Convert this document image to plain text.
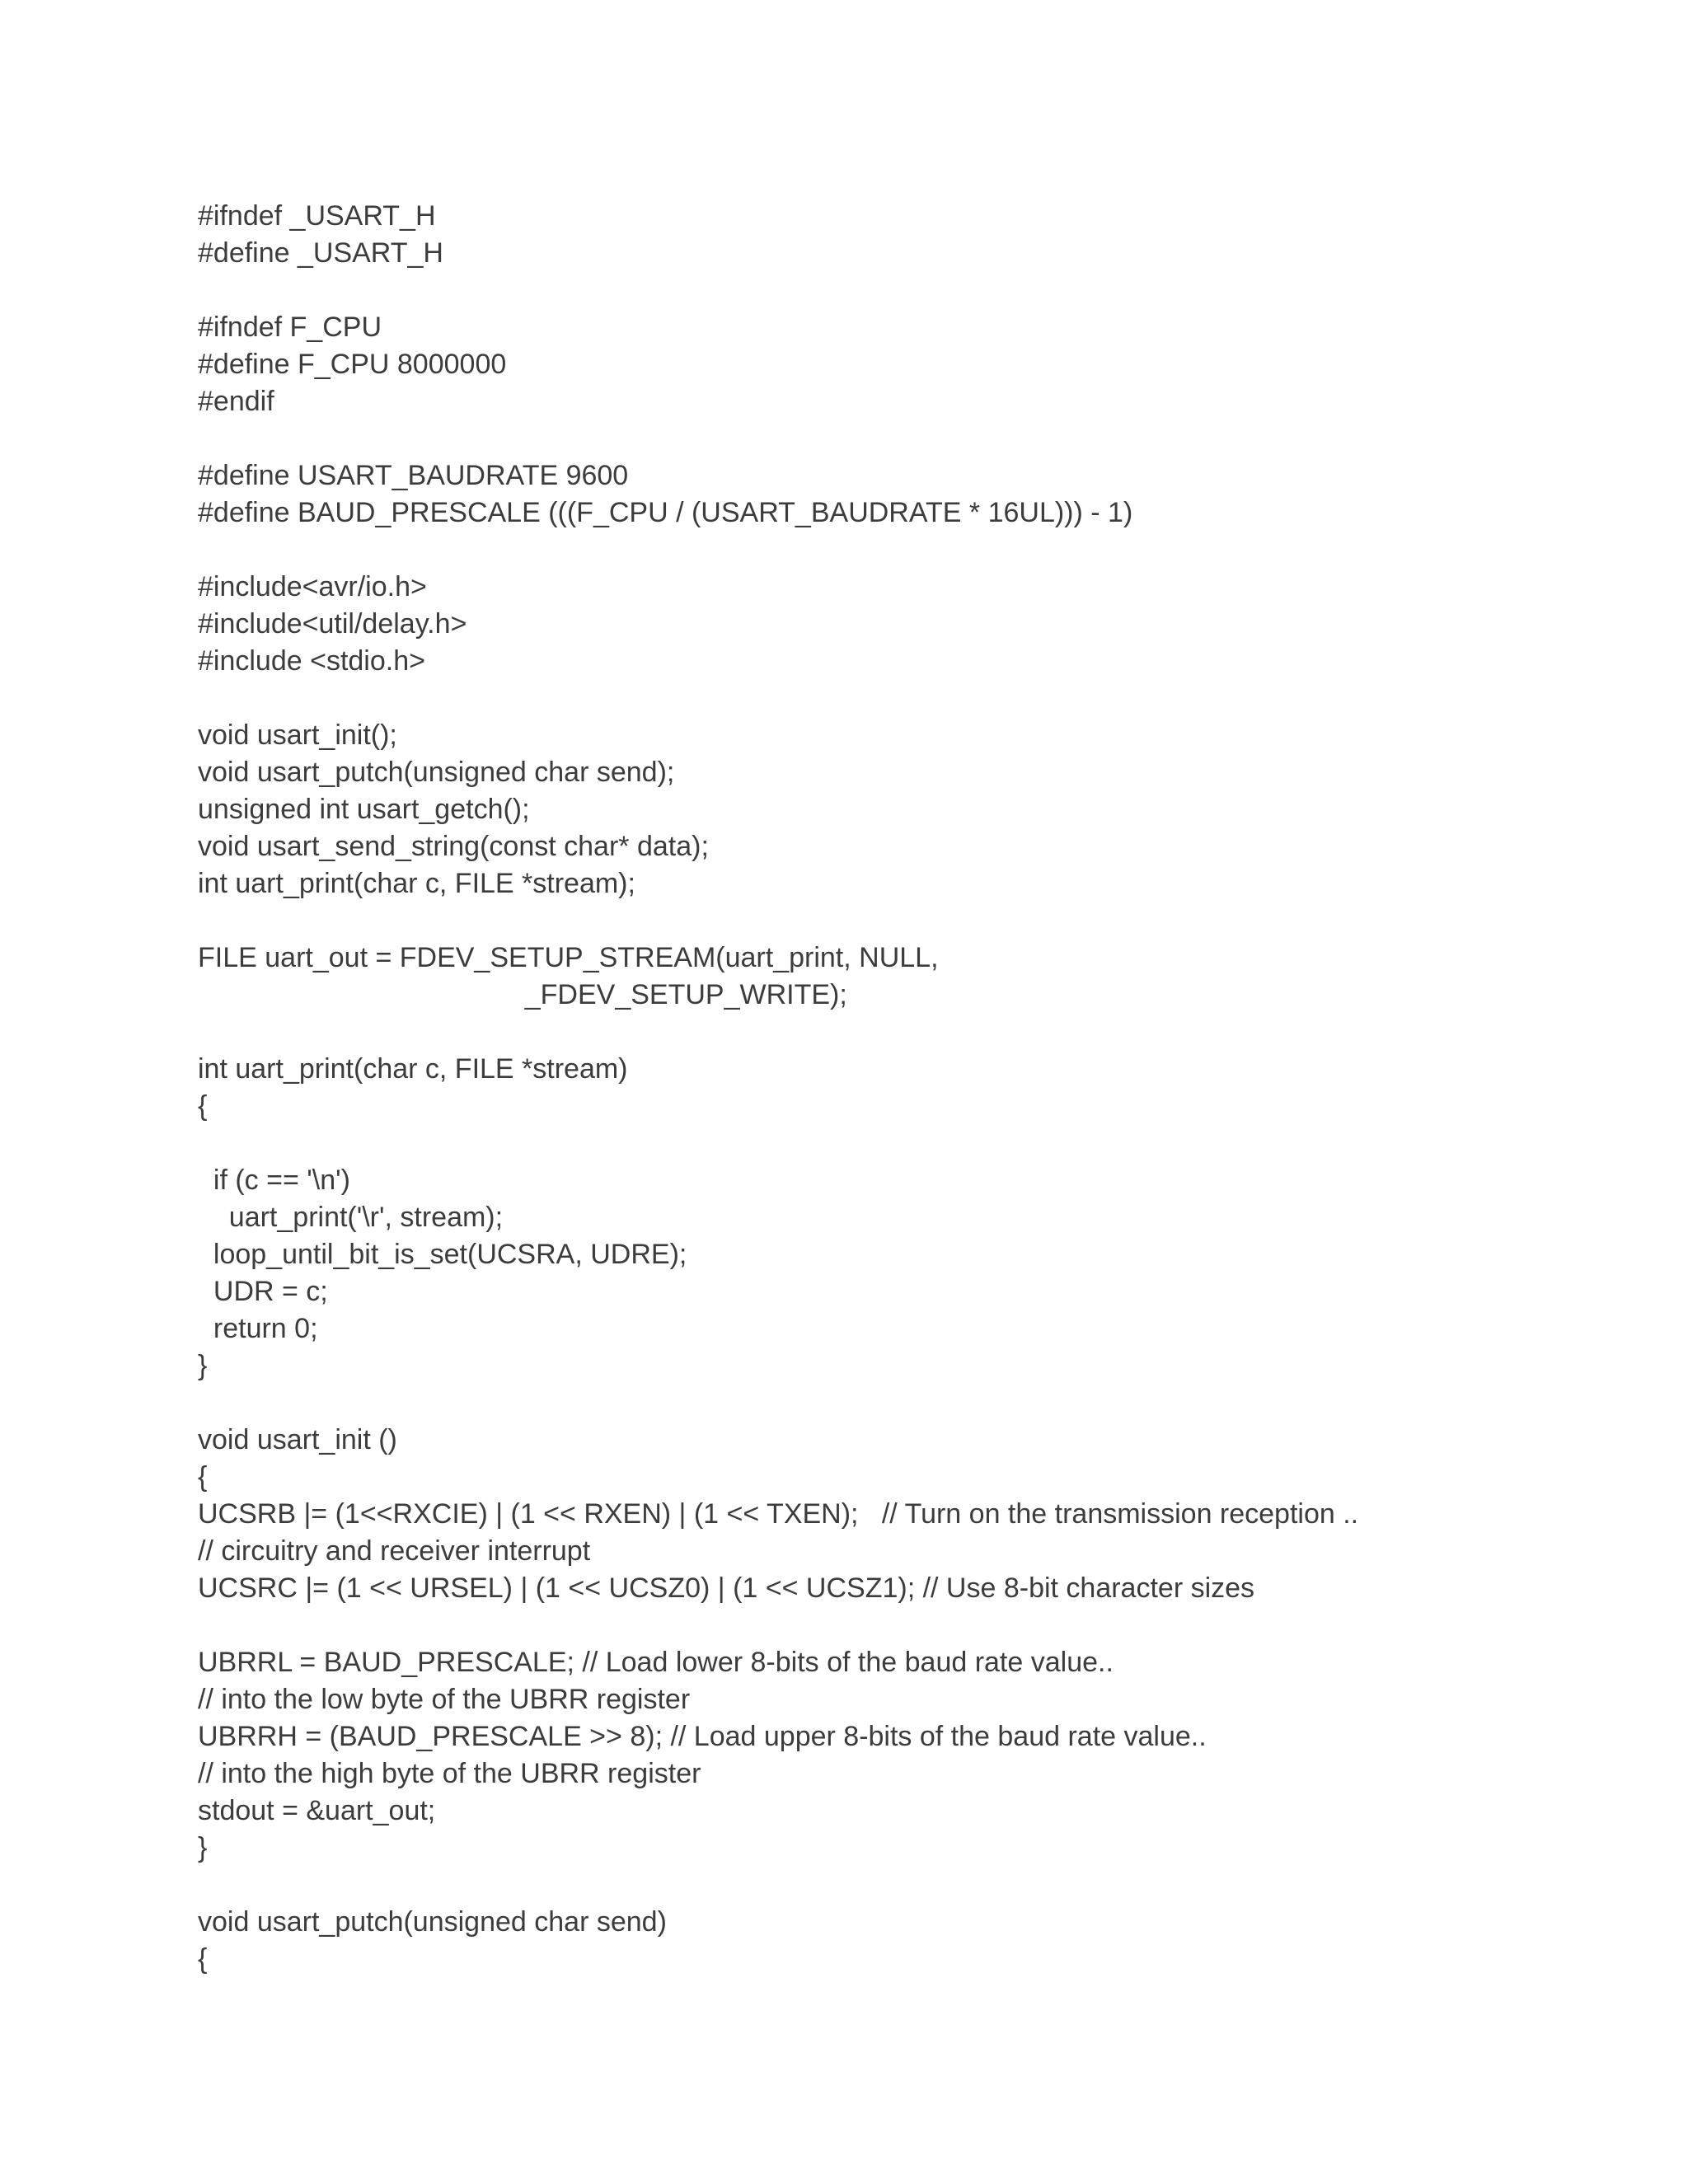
#ifndef _USART_H
#define _USART_H
#ifndef F_CPU
#define F_CPU 8000000
#endif
#define USART_BAUDRATE 9600
#define BAUD_PRESCALE (((F_CPU / (USART_BAUDRATE * 16UL))) - 1)
#include<avr/io.h>
#include<util/delay.h>
#include <stdio.h>
void usart_init();
void usart_putch(unsigned char send);
unsigned int usart_getch();
void usart_send_string(const char* data);
int uart_print(char c, FILE *stream);
FILE uart_out = FDEV_SETUP_STREAM(uart_print, NULL,
_FDEV_SETUP_WRITE);
int uart_print(char c, FILE *stream)
{
if (c == '\n')
uart_print('\r', stream);
loop_until_bit_is_set(UCSRA, UDRE);
UDR = c;
return 0;
}
void usart_init ()
{
UCSRB |= (1<<RXCIE) | (1 << RXEN) | (1 << TXEN);   // Turn on the transmission reception ..
// circuitry and receiver interrupt
UCSRC |= (1 << URSEL) | (1 << UCSZ0) | (1 << UCSZ1); // Use 8-bit character sizes
UBRRL = BAUD_PRESCALE; // Load lower 8-bits of the baud rate value..
// into the low byte of the UBRR register
UBRRH = (BAUD_PRESCALE >> 8); // Load upper 8-bits of the baud rate value..
// into the high byte of the UBRR register
stdout = &uart_out;
}
void usart_putch(unsigned char send)
{
